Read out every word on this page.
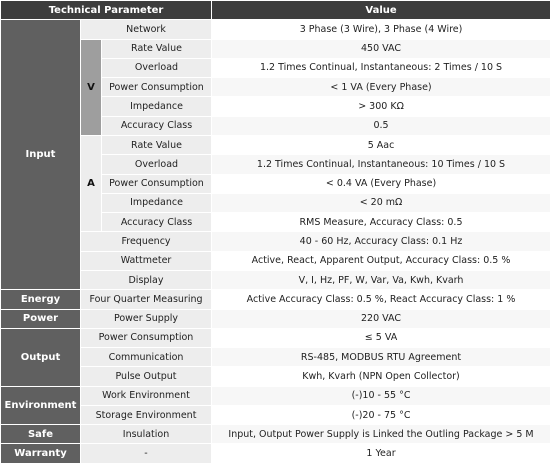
Technical Parameter			Value
Input	Network		3 Phase (3 Wire), 3 Phase (4 Wire)
	V	Rate Value	450 VAC
		Overload	1.2 Times Continual, Instantaneous: 2 Times / 10 S
		Power Consumption	< 1 VA (Every Phase)
		Impedance	> 300 KΩ
		Accuracy Class	0.5
	A	Rate Value	5 Aac
		Overload	1.2 Times Continual, Instantaneous: 10 Times / 10 S
		Power Consumption	< 0.4 VA (Every Phase)
		Impedance	< 20 mΩ
		Accuracy Class	RMS Measure, Accuracy Class: 0.5
	Frequency		40 - 60 Hz, Accuracy Class: 0.1 Hz
	Wattmeter		Active, React, Apparent Output, Accuracy Class: 0.5 %
	Display		V, I, Hz, PF, W, Var, Va, Kwh, Kvarh
Energy	Four Quarter Measuring		Active Accuracy Class: 0.5 %, React Accuracy Class: 1 %
Power	Power Supply		220 VAC
Output	Power Consumption		≤ 5 VA
	Communication		RS-485, MODBUS RTU Agreement
	Pulse Output		Kwh, Kvarh (NPN Open Collector)
Environment	Work Environment		(-)10 - 55 °C
	Storage Environment		(-)20 - 75 °C
Safe	Insulation		Input, Output Power Supply is Linked the Outling Package > 5 M
Warranty	-		1 Year
